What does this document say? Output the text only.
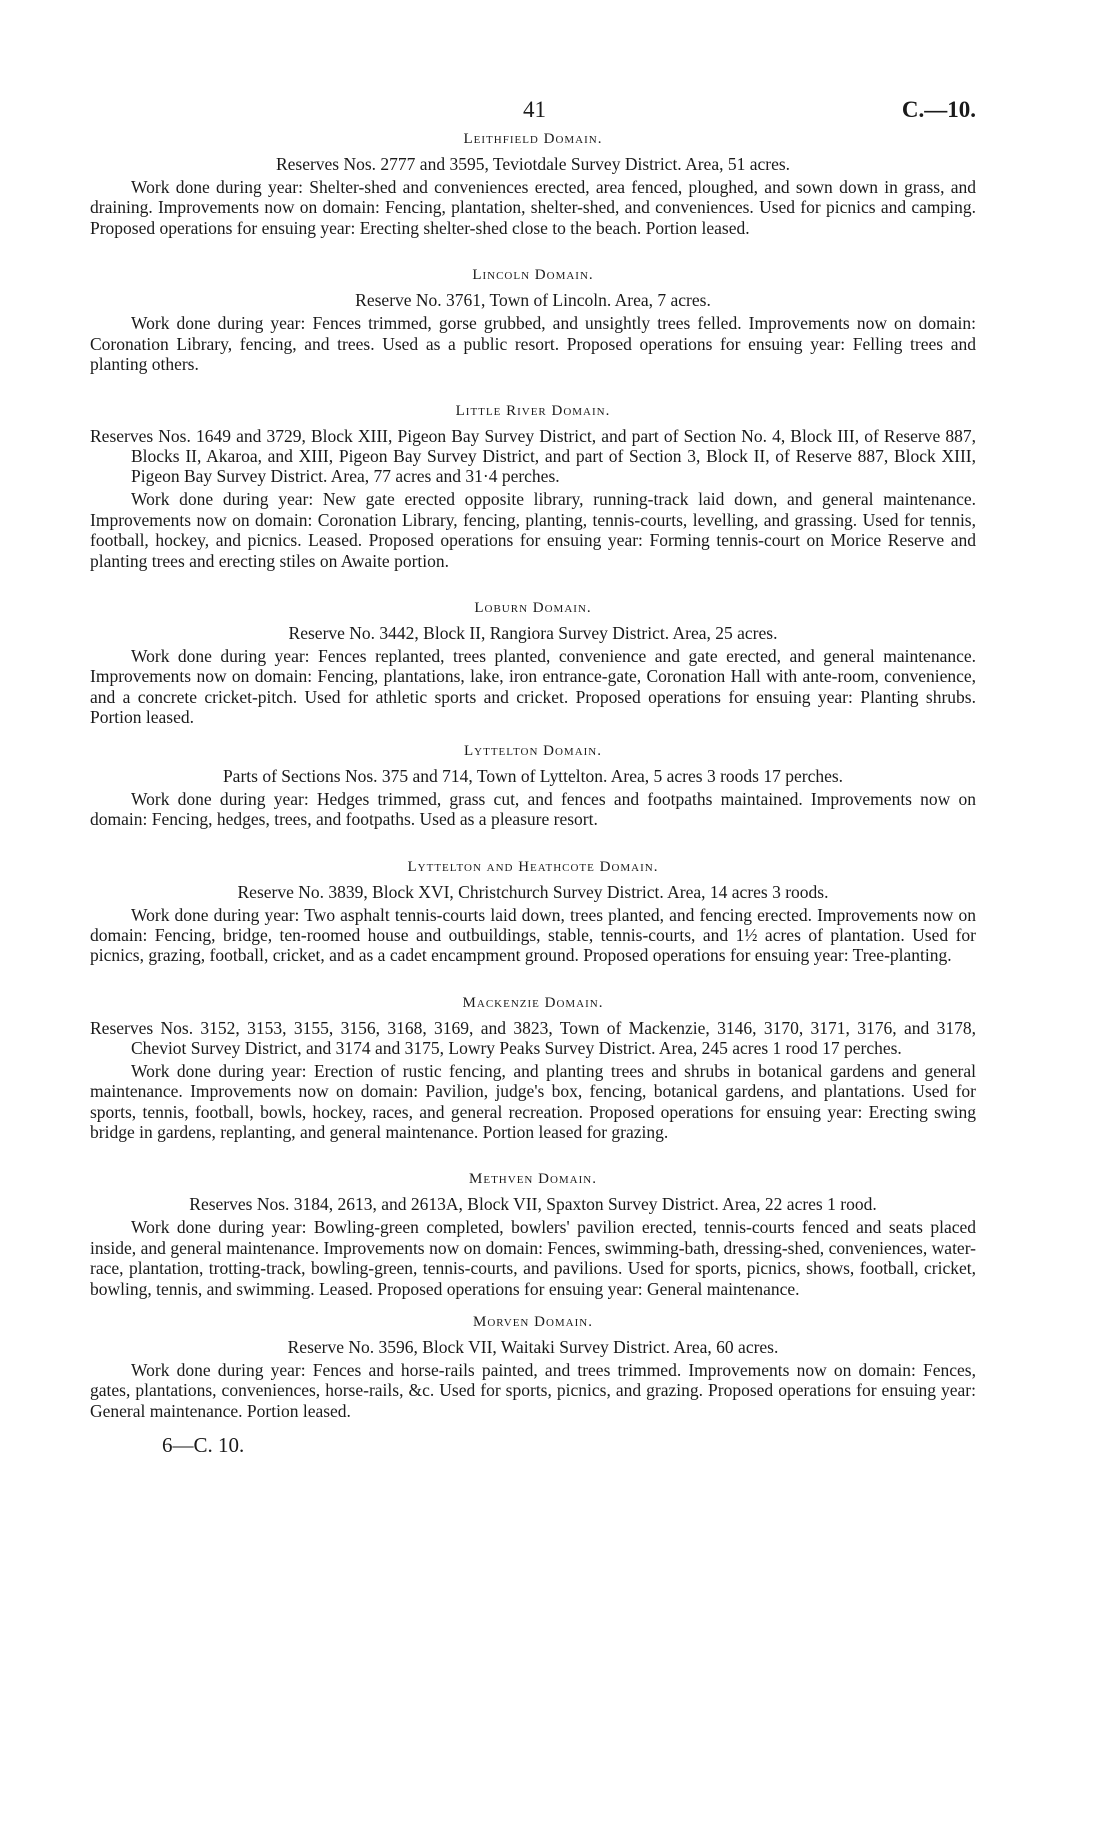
41	C.—10.

Leithfield Domain.

Reserves Nos. 2777 and 3595, Teviotdale Survey District. Area, 51 acres.

Work done during year: Shelter-shed and conveniences erected, area fenced, ploughed, and sown down in grass, and draining. Improvements now on domain: Fencing, plantation, shelter-shed, and conveniences. Used for picnics and camping. Proposed operations for ensuing year: Erecting shelter-shed close to the beach. Portion leased.

Lincoln Domain.

Reserve No. 3761, Town of Lincoln. Area, 7 acres.

Work done during year: Fences trimmed, gorse grubbed, and unsightly trees felled. Improvements now on domain: Coronation Library, fencing, and trees. Used as a public resort. Proposed operations for ensuing year: Felling trees and planting others.

Little River Domain.

Reserves Nos. 1649 and 3729, Block XIII, Pigeon Bay Survey District, and part of Section No. 4, Block III, of Reserve 887, Blocks II, Akaroa, and XIII, Pigeon Bay Survey District, and part of Section 3, Block II, of Reserve 887, Block XIII, Pigeon Bay Survey District. Area, 77 acres and 31·4 perches.

Work done during year: New gate erected opposite library, running-track laid down, and general maintenance. Improvements now on domain: Coronation Library, fencing, planting, tennis-courts, levelling, and grassing. Used for tennis, football, hockey, and picnics. Leased. Proposed operations for ensuing year: Forming tennis-court on Morice Reserve and planting trees and erecting stiles on Awaite portion.

Loburn Domain.

Reserve No. 3442, Block II, Rangiora Survey District. Area, 25 acres.

Work done during year: Fences replanted, trees planted, convenience and gate erected, and general maintenance. Improvements now on domain: Fencing, plantations, lake, iron entrance-gate, Coronation Hall with ante-room, convenience, and a concrete cricket-pitch. Used for athletic sports and cricket. Proposed operations for ensuing year: Planting shrubs. Portion leased.

Lyttelton Domain.

Parts of Sections Nos. 375 and 714, Town of Lyttelton. Area, 5 acres 3 roods 17 perches.

Work done during year: Hedges trimmed, grass cut, and fences and footpaths maintained. Improvements now on domain: Fencing, hedges, trees, and footpaths. Used as a pleasure resort.

Lyttelton and Heathcote Domain.

Reserve No. 3839, Block XVI, Christchurch Survey District. Area, 14 acres 3 roods.

Work done during year: Two asphalt tennis-courts laid down, trees planted, and fencing erected. Improvements now on domain: Fencing, bridge, ten-roomed house and outbuildings, stable, tennis-courts, and 1½ acres of plantation. Used for picnics, grazing, football, cricket, and as a cadet encampment ground. Proposed operations for ensuing year: Tree-planting.

Mackenzie Domain.

Reserves Nos. 3152, 3153, 3155, 3156, 3168, 3169, and 3823, Town of Mackenzie, 3146, 3170, 3171, 3176, and 3178, Cheviot Survey District, and 3174 and 3175, Lowry Peaks Survey District. Area, 245 acres 1 rood 17 perches.

Work done during year: Erection of rustic fencing, and planting trees and shrubs in botanical gardens and general maintenance. Improvements now on domain: Pavilion, judge's box, fencing, botanical gardens, and plantations. Used for sports, tennis, football, bowls, hockey, races, and general recreation. Proposed operations for ensuing year: Erecting swing bridge in gardens, replanting, and general maintenance. Portion leased for grazing.

Methven Domain.

Reserves Nos. 3184, 2613, and 2613A, Block VII, Spaxton Survey District. Area, 22 acres 1 rood.

Work done during year: Bowling-green completed, bowlers' pavilion erected, tennis-courts fenced and seats placed inside, and general maintenance. Improvements now on domain: Fences, swimming-bath, dressing-shed, conveniences, water-race, plantation, trotting-track, bowling-green, tennis-courts, and pavilions. Used for sports, picnics, shows, football, cricket, bowling, tennis, and swimming. Leased. Proposed operations for ensuing year: General maintenance.

Morven Domain.

Reserve No. 3596, Block VII, Waitaki Survey District. Area, 60 acres.

Work done during year: Fences and horse-rails painted, and trees trimmed. Improvements now on domain: Fences, gates, plantations, conveniences, horse-rails, &c. Used for sports, picnics, and grazing. Proposed operations for ensuing year: General maintenance. Portion leased.

6—C. 10.
